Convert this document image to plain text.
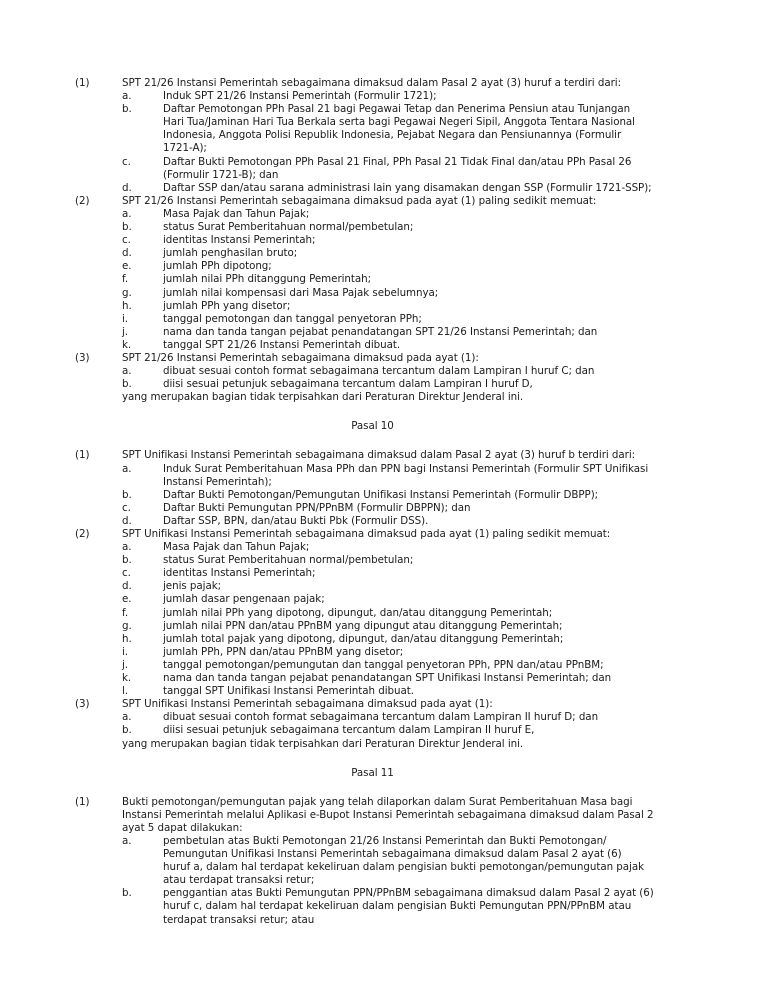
(1)	SPT 21/26 Instansi Pemerintah sebagaimana dimaksud dalam Pasal 2 ayat (3) huruf a terdiri dari:
a.	Induk SPT 21/26 Instansi Pemerintah (Formulir 1721);
b.	Daftar Pemotongan PPh Pasal 21 bagi Pegawai Tetap dan Penerima Pensiun atau Tunjangan
Hari Tua/Jaminan Hari Tua Berkala serta bagi Pegawai Negeri Sipil, Anggota Tentara Nasional
Indonesia, Anggota Polisi Republik Indonesia, Pejabat Negara dan Pensiunannya (Formulir
1721-A);
c.	Daftar Bukti Pemotongan PPh Pasal 21 Final, PPh Pasal 21 Tidak Final dan/atau PPh Pasal 26
(Formulir 1721-B); dan
d.	Daftar SSP dan/atau sarana administrasi lain yang disamakan dengan SSP (Formulir 1721-SSP);
(2)	SPT 21/26 Instansi Pemerintah sebagaimana dimaksud pada ayat (1) paling sedikit memuat:
a.	Masa Pajak dan Tahun Pajak;
b.	status Surat Pemberitahuan normal/pembetulan;
c.	identitas Instansi Pemerintah;
d.	jumlah penghasilan bruto;
e.	jumlah PPh dipotong;
f.	jumlah nilai PPh ditanggung Pemerintah;
g.	jumlah nilai kompensasi dari Masa Pajak sebelumnya;
h.	jumlah PPh yang disetor;
i.	tanggal pemotongan dan tanggal penyetoran PPh;
j.	nama dan tanda tangan pejabat penandatangan SPT 21/26 Instansi Pemerintah; dan
k.	tanggal SPT 21/26 Instansi Pemerintah dibuat.
(3)	SPT 21/26 Instansi Pemerintah sebagaimana dimaksud pada ayat (1):
a.	dibuat sesuai contoh format sebagaimana tercantum dalam Lampiran I huruf C; dan
b.	diisi sesuai petunjuk sebagaimana tercantum dalam Lampiran I huruf D,
yang merupakan bagian tidak terpisahkan dari Peraturan Direktur Jenderal ini.
Pasal 10
(1)	SPT Unifikasi Instansi Pemerintah sebagaimana dimaksud dalam Pasal 2 ayat (3) huruf b terdiri dari:
a.	Induk Surat Pemberitahuan Masa PPh dan PPN bagi Instansi Pemerintah (Formulir SPT Unifikasi
Instansi Pemerintah);
b.	Daftar Bukti Pemotongan/Pemungutan Unifikasi Instansi Pemerintah (Formulir DBPP);
c.	Daftar Bukti Pemungutan PPN/PPnBM (Formulir DBPPN); dan
d.	Daftar SSP, BPN, dan/atau Bukti Pbk (Formulir DSS).
(2)	SPT Unifikasi Instansi Pemerintah sebagaimana dimaksud pada ayat (1) paling sedikit memuat:
a.	Masa Pajak dan Tahun Pajak;
b.	status Surat Pemberitahuan normal/pembetulan;
c.	identitas Instansi Pemerintah;
d.	jenis pajak;
e.	jumlah dasar pengenaan pajak;
f.	jumlah nilai PPh yang dipotong, dipungut, dan/atau ditanggung Pemerintah;
g.	jumlah nilai PPN dan/atau PPnBM yang dipungut atau ditanggung Pemerintah;
h.	jumlah total pajak yang dipotong, dipungut, dan/atau ditanggung Pemerintah;
i.	jumlah PPh, PPN dan/atau PPnBM yang disetor;
j.	tanggal pemotongan/pemungutan dan tanggal penyetoran PPh, PPN dan/atau PPnBM;
k.	nama dan tanda tangan pejabat penandatangan SPT Unifikasi Instansi Pemerintah; dan
l.	tanggal SPT Unifikasi Instansi Pemerintah dibuat.
(3)	SPT Unifikasi Instansi Pemerintah sebagaimana dimaksud pada ayat (1):
a.	dibuat sesuai contoh format sebagaimana tercantum dalam Lampiran II huruf D; dan
b.	diisi sesuai petunjuk sebagaimana tercantum dalam Lampiran II huruf E,
yang merupakan bagian tidak terpisahkan dari Peraturan Direktur Jenderal ini.
Pasal 11
(1)	Bukti pemotongan/pemungutan pajak yang telah dilaporkan dalam Surat Pemberitahuan Masa bagi
Instansi Pemerintah melalui Aplikasi e-Bupot Instansi Pemerintah sebagaimana dimaksud dalam Pasal 2
ayat 5 dapat dilakukan:
a.	pembetulan atas Bukti Pemotongan 21/26 Instansi Pemerintah dan Bukti Pemotongan/
Pemungutan Unifikasi Instansi Pemerintah sebagaimana dimaksud dalam Pasal 2 ayat (6)
huruf a, dalam hal terdapat kekeliruan dalam pengisian bukti pemotongan/pemungutan pajak
atau terdapat transaksi retur;
b.	penggantian atas Bukti Pemungutan PPN/PPnBM sebagaimana dimaksud dalam Pasal 2 ayat (6)
huruf c, dalam hal terdapat kekeliruan dalam pengisian Bukti Pemungutan PPN/PPnBM atau
terdapat transaksi retur; atau
